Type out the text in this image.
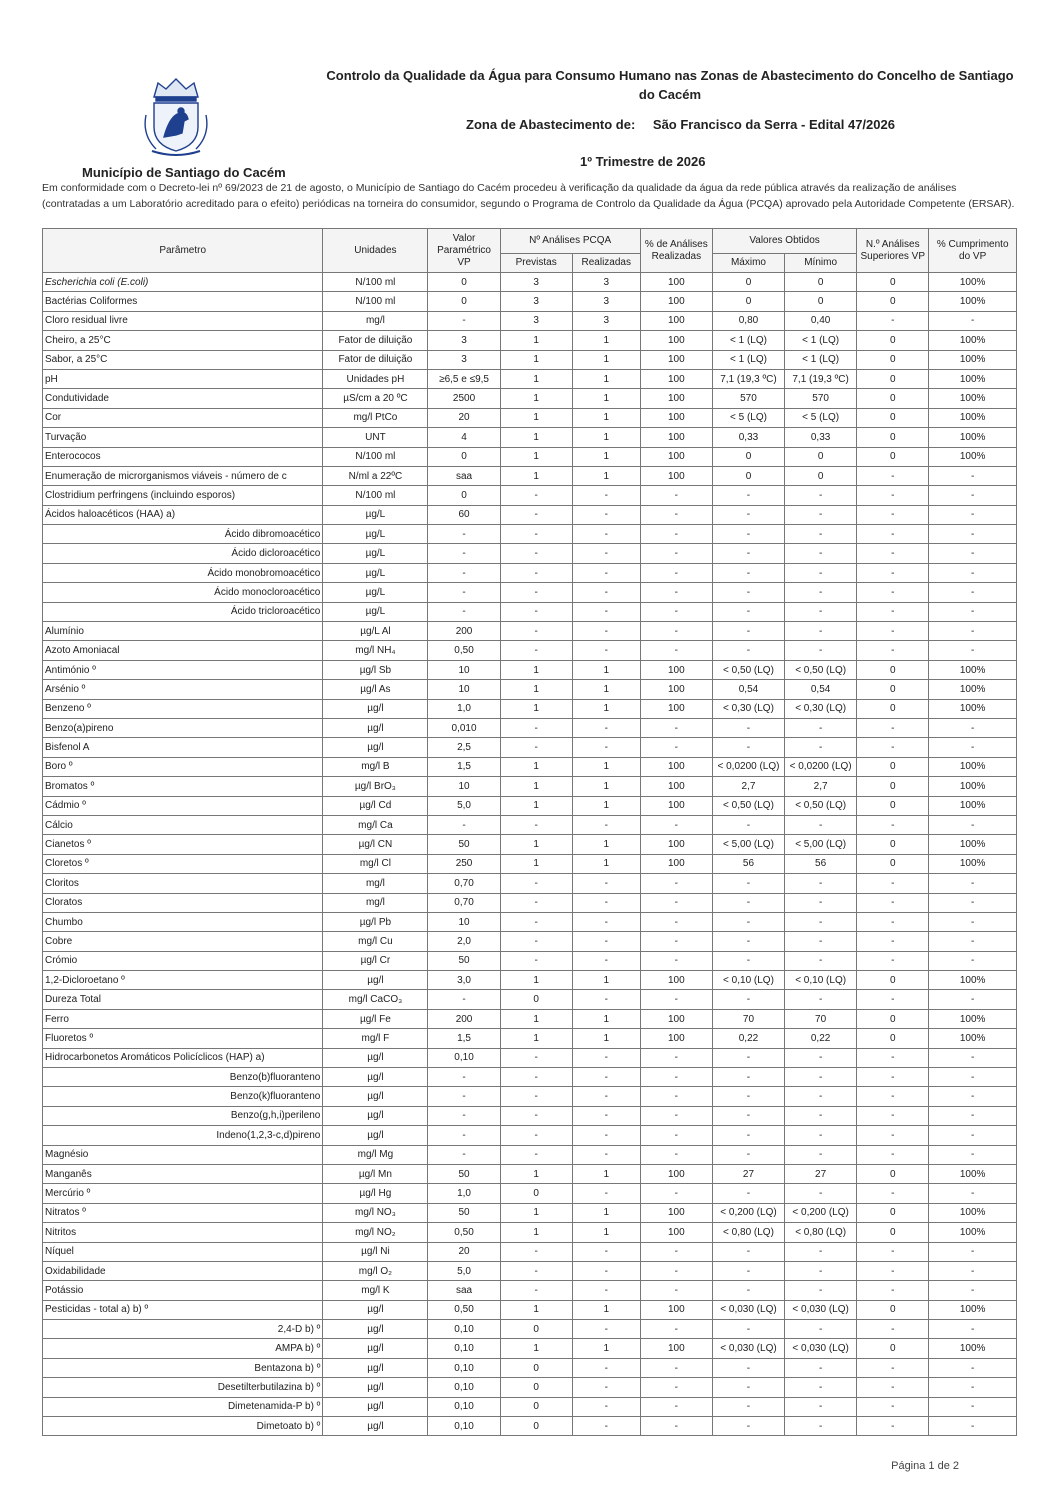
Controlo da Qualidade da Água para Consumo Humano nas Zonas de Abastecimento do Concelho de Santiago do Cacém
Zona de Abastecimento de: São Francisco da Serra - Edital 47/2026
1º Trimestre de 2026
Município de Santiago do Cacém
Em conformidade com o Decreto-lei nº 69/2023 de 21 de agosto, o Município de Santiago do Cacém procedeu à verificação da qualidade da água da rede pública através da realização de análises (contratadas a um Laboratório acreditado para o efeito) periódicas na torneira do consumidor, segundo o Programa de Controlo da Qualidade da Água (PCQA) aprovado pela Autoridade Competente (ERSAR).
Parâmetro	Unidades	Valor Paramétrico VP	Nº Análises PCQA		% de Análises Realizadas	Valores Obtidos		N.º Análises Superiores VP	% Cumprimento do VP
			Previstas	Realizadas		Máximo	Mínimo		
Escherichia coli (E.coli)	N/100 ml	0	3	3	100	0	0	0	100%
Bactérias Coliformes	N/100 ml	0	3	3	100	0	0	0	100%
Cloro residual livre	mg/l	-	3	3	100	0,80	0,40	-	-
Cheiro, a 25°C	Fator de diluição	3	1	1	100	< 1 (LQ)	< 1 (LQ)	0	100%
Sabor, a 25°C	Fator de diluição	3	1	1	100	< 1 (LQ)	< 1 (LQ)	0	100%
pH	Unidades pH	≥6,5 e ≤9,5	1	1	100	7,1 (19,3 ºC)	7,1 (19,3 ºC)	0	100%
Condutividade	µS/cm a 20 ºC	2500	1	1	100	570	570	0	100%
Cor	mg/l PtCo	20	1	1	100	< 5 (LQ)	< 5 (LQ)	0	100%
Turvação	UNT	4	1	1	100	0,33	0,33	0	100%
Enterococos	N/100 ml	0	1	1	100	0	0	0	100%
Enumeração de microrganismos viáveis - número de c	N/ml a 22ºC	saa	1	1	100	0	0	-	-
Clostridium perfringens (incluindo esporos)	N/100 ml	0	-	-	-	-	-	-	-
Ácidos haloacéticos (HAA) a)	µg/L	60	-	-	-	-	-	-	-
Ácido dibromoacético	µg/L	-	-	-	-	-	-	-	-
Ácido dicloroacético	µg/L	-	-	-	-	-	-	-	-
Ácido monobromoacético	µg/L	-	-	-	-	-	-	-	-
Ácido monocloroacético	µg/L	-	-	-	-	-	-	-	-
Ácido tricloroacético	µg/L	-	-	-	-	-	-	-	-
Alumínio	µg/L Al	200	-	-	-	-	-	-	-
Azoto Amoniacal	mg/l NH₄	0,50	-	-	-	-	-	-	-
Antimónio º	µg/l Sb	10	1	1	100	< 0,50 (LQ)	< 0,50 (LQ)	0	100%
Arsénio º	µg/l As	10	1	1	100	0,54	0,54	0	100%
Benzeno º	µg/l	1,0	1	1	100	< 0,30 (LQ)	< 0,30 (LQ)	0	100%
Benzo(a)pireno	µg/l	0,010	-	-	-	-	-	-	-
Bisfenol A	µg/l	2,5	-	-	-	-	-	-	-
Boro º	mg/l B	1,5	1	1	100	< 0,0200 (LQ)	< 0,0200 (LQ)	0	100%
Bromatos º	µg/l BrO₃	10	1	1	100	2,7	2,7	0	100%
Cádmio º	µg/l Cd	5,0	1	1	100	< 0,50 (LQ)	< 0,50 (LQ)	0	100%
Cálcio	mg/l Ca	-	-	-	-	-	-	-	-
Cianetos º	µg/l CN	50	1	1	100	< 5,00 (LQ)	< 5,00 (LQ)	0	100%
Cloretos º	mg/l Cl	250	1	1	100	56	56	0	100%
Cloritos	mg/l	0,70	-	-	-	-	-	-	-
Cloratos	mg/l	0,70	-	-	-	-	-	-	-
Chumbo	µg/l Pb	10	-	-	-	-	-	-	-
Cobre	mg/l Cu	2,0	-	-	-	-	-	-	-
Crómio	µg/l Cr	50	-	-	-	-	-	-	-
1,2-Dicloroetano º	µg/l	3,0	1	1	100	< 0,10 (LQ)	< 0,10 (LQ)	0	100%
Dureza Total	mg/l CaCO₃	-	0	-	-	-	-	-	-
Ferro	µg/l Fe	200	1	1	100	70	70	0	100%
Fluoretos º	mg/l F	1,5	1	1	100	0,22	0,22	0	100%
Hidrocarbonetos Aromáticos Policíclicos (HAP) a)	µg/l	0,10	-	-	-	-	-	-	-
Benzo(b)fluoranteno	µg/l	-	-	-	-	-	-	-	-
Benzo(k)fluoranteno	µg/l	-	-	-	-	-	-	-	-
Benzo(g,h,i)perileno	µg/l	-	-	-	-	-	-	-	-
Indeno(1,2,3-c,d)pireno	µg/l	-	-	-	-	-	-	-	-
Magnésio	mg/l Mg	-	-	-	-	-	-	-	-
Manganês	µg/l Mn	50	1	1	100	27	27	0	100%
Mercúrio º	µg/l Hg	1,0	0	-	-	-	-	-	-
Nitratos º	mg/l NO₃	50	1	1	100	< 0,200 (LQ)	< 0,200 (LQ)	0	100%
Nitritos	mg/l NO₂	0,50	1	1	100	< 0,80 (LQ)	< 0,80 (LQ)	0	100%
Níquel	µg/l Ni	20	-	-	-	-	-	-	-
Oxidabilidade	mg/l O₂	5,0	-	-	-	-	-	-	-
Potássio	mg/l K	saa	-	-	-	-	-	-	-
Pesticidas - total a) b) º	µg/l	0,50	1	1	100	< 0,030 (LQ)	< 0,030 (LQ)	0	100%
2,4-D b) º	µg/l	0,10	0	-	-	-	-	-	-
AMPA b) º	µg/l	0,10	1	1	100	< 0,030 (LQ)	< 0,030 (LQ)	0	100%
Bentazona b) º	µg/l	0,10	0	-	-	-	-	-	-
Desetilterbutilazina b) º	µg/l	0,10	0	-	-	-	-	-	-
Dimetenamida-P b) º	µg/l	0,10	0	-	-	-	-	-	-
Dimetoato b) º	µg/l	0,10	0	-	-	-	-	-	-
Página 1 de 2
